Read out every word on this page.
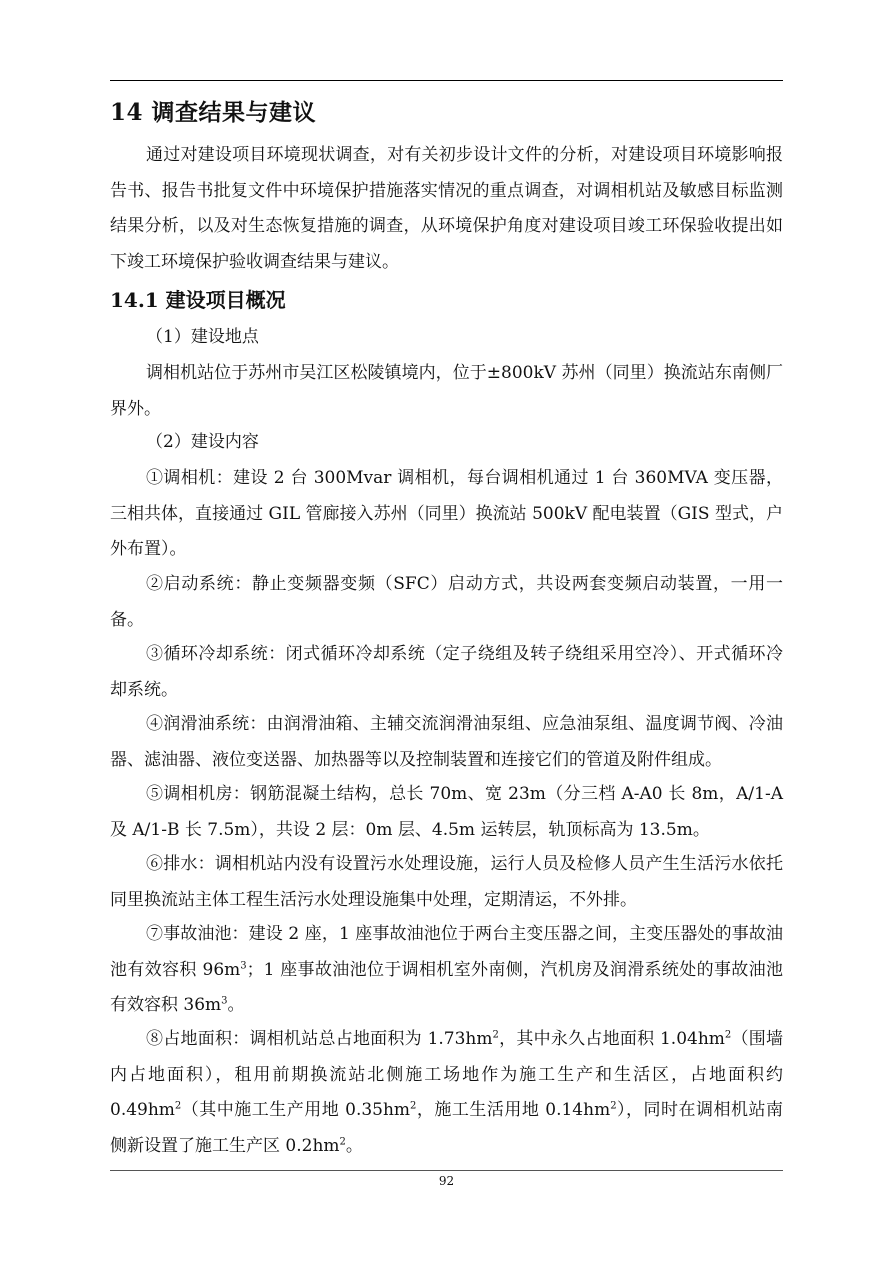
14 调查结果与建议

通过对建设项目环境现状调查，对有关初步设计文件的分析，对建设项目环境影响报告书、报告书批复文件中环境保护措施落实情况的重点调查，对调相机站及敏感目标监测结果分析，以及对生态恢复措施的调查，从环境保护角度对建设项目竣工环保验收提出如下竣工环境保护验收调查结果与建议。

14.1 建设项目概况

（1）建设地点

调相机站位于苏州市吴江区松陵镇境内，位于±800kV 苏州（同里）换流站东南侧厂界外。

（2）建设内容

①调相机：建设 2 台 300Mvar 调相机，每台调相机通过 1 台 360MVA 变压器，三相共体，直接通过 GIL 管廊接入苏州（同里）换流站 500kV 配电装置（GIS 型式，户外布置）。

②启动系统：静止变频器变频（SFC）启动方式，共设两套变频启动装置，一用一备。

③循环冷却系统：闭式循环冷却系统（定子绕组及转子绕组采用空冷）、开式循环冷却系统。

④润滑油系统：由润滑油箱、主辅交流润滑油泵组、应急油泵组、温度调节阀、冷油器、滤油器、液位变送器、加热器等以及控制装置和连接它们的管道及附件组成。

⑤调相机房：钢筋混凝土结构，总长 70m、宽 23m（分三档 A-A0 长 8m，A/1-A 及 A/1-B 长 7.5m），共设 2 层：0m 层、4.5m 运转层，轨顶标高为 13.5m。

⑥排水：调相机站内没有设置污水处理设施，运行人员及检修人员产生生活污水依托同里换流站主体工程生活污水处理设施集中处理，定期清运，不外排。

⑦事故油池：建设 2 座，1 座事故油池位于两台主变压器之间，主变压器处的事故油池有效容积 $96m^3$；1 座事故油池位于调相机室外南侧，汽机房及润滑系统处的事故油池有效容积 $36m^3$。

⑧占地面积：调相机站总占地面积为 $1.73hm^2$，其中永久占地面积 $1.04hm^2$（围墙内占地面积），租用前期换流站北侧施工场地作为施工生产和生活区，占地面积约 $0.49hm^2$（其中施工生产用地 $0.35hm^2$，施工生活用地 $0.14hm^2$），同时在调相机站南侧新设置了施工生产区 $0.2hm^2$。

92
